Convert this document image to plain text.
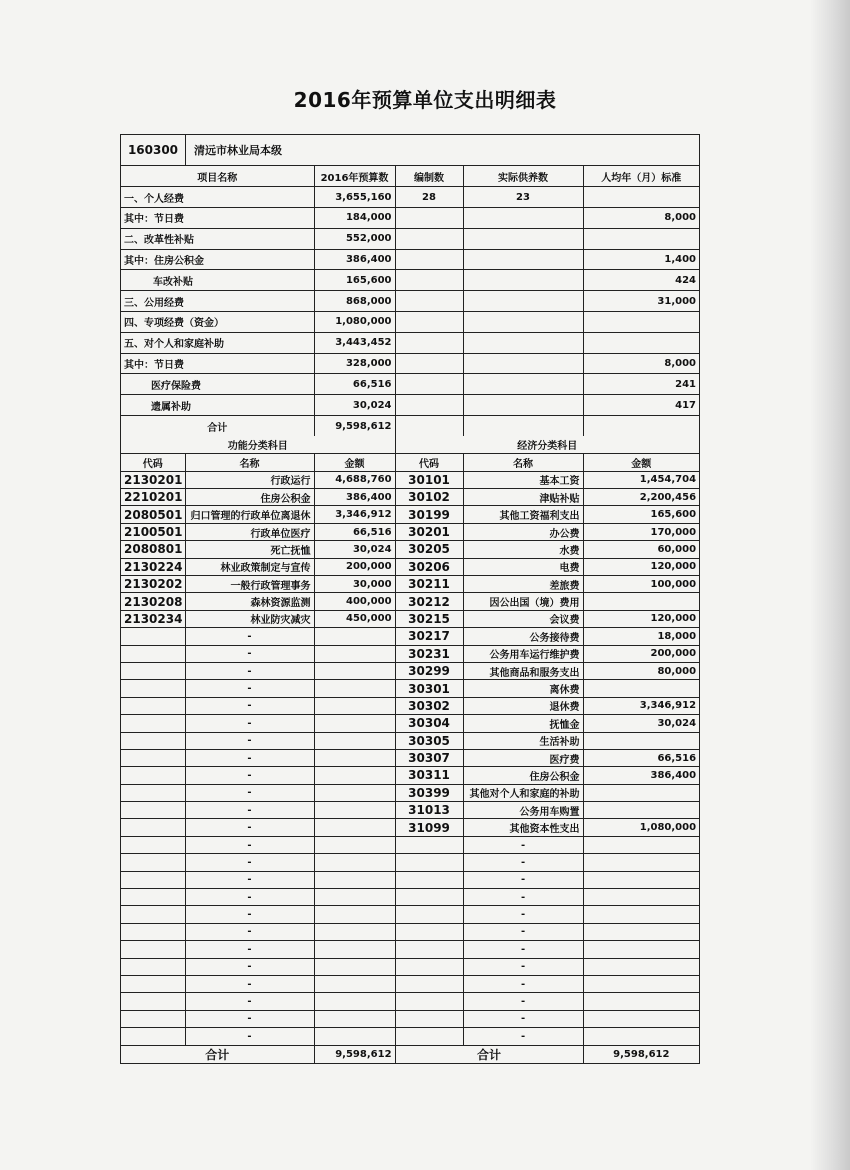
2016年预算单位支出明细表
160300	清远市林业局本级
项目名称	2016年预算数	编制数	实际供养数	人均年（月）标准
一、个人经费	3,655,160	28	23	
其中：节日费	184,000			8,000
二、改革性补贴	552,000			
其中：住房公积金	386,400			1,400
车改补贴	165,600			424
三、公用经费	868,000			31,000
四、专项经费（资金）	1,080,000			
五、对个人和家庭补助	3,443,452			
其中：节日费	328,000			8,000
医疗保险费	66,516			241
遗属补助	30,024			417
合计	9,598,612			
功能分类科目			经济分类科目		
代码	名称	金额	代码	名称	金额
2130201	行政运行	4,688,760	30101	基本工资	1,454,704
2210201	住房公积金	386,400	30102	津贴补贴	2,200,456
2080501	归口管理的行政单位离退休	3,346,912	30199	其他工资福利支出	165,600
2100501	行政单位医疗	66,516	30201	办公费	170,000
2080801	死亡抚恤	30,024	30205	水费	60,000
2130224	林业政策制定与宣传	200,000	30206	电费	120,000
2130202	一般行政管理事务	30,000	30211	差旅费	100,000
2130208	森林资源监测	400,000	30212	因公出国（境）费用	
2130234	林业防灾减灾	450,000	30215	会议费	120,000
	-		30217	公务接待费	18,000
	-		30231	公务用车运行维护费	200,000
	-		30299	其他商品和服务支出	80,000
	-		30301	离休费	
	-		30302	退休费	3,346,912
	-		30304	抚恤金	30,024
	-		30305	生活补助	
	-		30307	医疗费	66,516
	-		30311	住房公积金	386,400
	-		30399	其他对个人和家庭的补助	
	-		31013	公务用车购置	
	-		31099	其他资本性支出	1,080,000
	-			-	
	-			-	
	-			-	
	-			-	
	-			-	
	-			-	
	-			-	
	-			-	
	-			-	
	-			-	
	-			-	
	-			-	
合计		9,598,612	合计		9,598,612
